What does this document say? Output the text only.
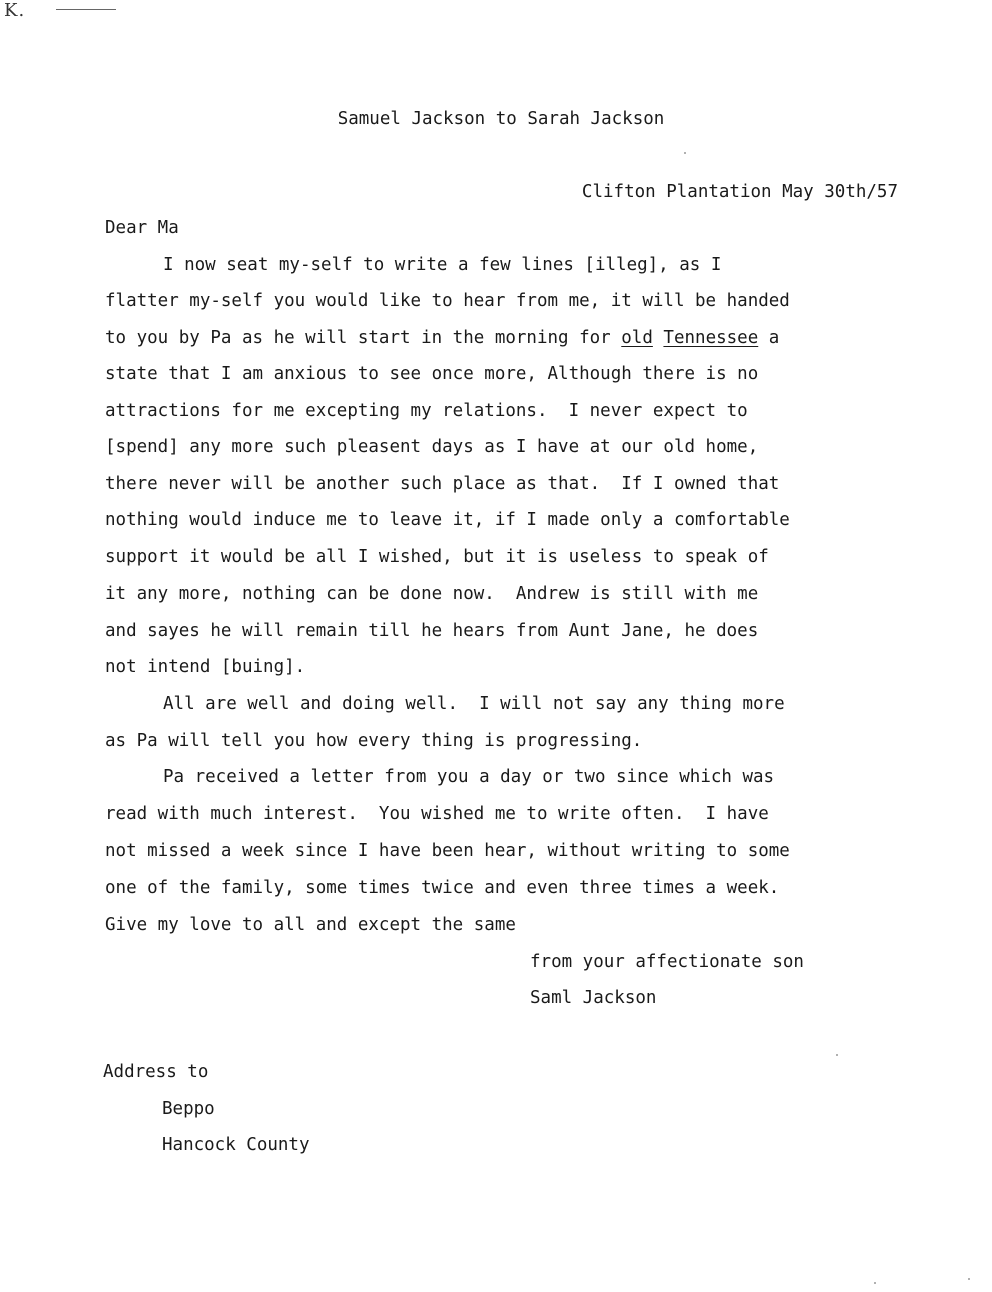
K.
Samuel Jackson to Sarah Jackson
Clifton Plantation May 30th/57
Dear Ma
I now seat my-self to write a few lines [illeg], as I
flatter my-self you would like to hear from me, it will be handed
to you by Pa as he will start in the morning for old Tennessee a
state that I am anxious to see once more, Although there is no
attractions for me excepting my relations.  I never expect to
[spend] any more such pleasent days as I have at our old home,
there never will be another such place as that.  If I owned that
nothing would induce me to leave it, if I made only a comfortable
support it would be all I wished, but it is useless to speak of
it any more, nothing can be done now.  Andrew is still with me
and sayes he will remain till he hears from Aunt Jane, he does
not intend [buing].
All are well and doing well.  I will not say any thing more
as Pa will tell you how every thing is progressing.
Pa received a letter from you a day or two since which was
read with much interest.  You wished me to write often.  I have
not missed a week since I have been hear, without writing to some
one of the family, some times twice and even three times a week.
Give my love to all and except the same
from your affectionate son
Saml Jackson
Address to
Beppo
Hancock County
